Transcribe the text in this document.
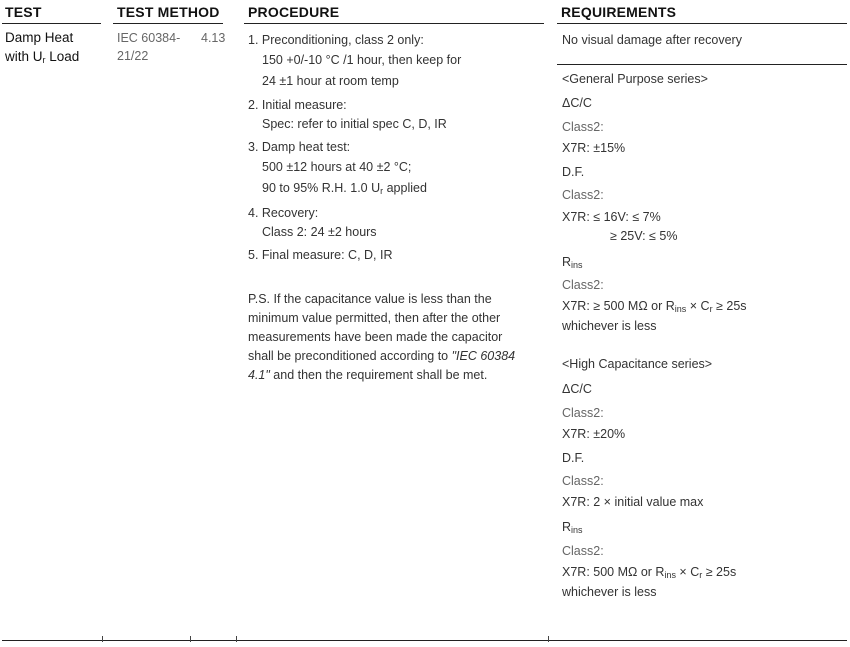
TEST	TEST METHOD PROCEDURE	REQUIREMENTS
Damp Heat
with $U_r$ Load
IEC 60384-
21/22
4.13 1. Preconditioning, class 2 only:
150 +0/-10 °C /1 hour, then keep for
24 ±1 hour at room temp
2. Initial measure:
Spec: refer to initial spec C, D, IR
3. Damp heat test:
500 ±12 hours at 40 ±2 °C;
90 to 95% R.H. 1.0 $U_r$ applied
4. Recovery:
Class 2: 24 ±2 hours
5. Final measure: C, D, IR
P.S. If the capacitance value is less than the
minimum value permitted, then after the other
measurements have been made the capacitor
shall be preconditioned according to "IEC 60384
4.1" and then the requirement shall be met.
No visual damage after recovery
<General Purpose series>
ΔC/C
Class2:
X7R: ±15%
D.F.
Class2:
X7R: ≤ 16V: ≤ 7%
≥ 25V: ≤ 5%
$R_{ins}$
Class2:
X7R: ≥ 500 MΩ or $R_{ins} \times C_r \ge 25s$
whichever is less
<High Capacitance series>
ΔC/C
Class2:
X7R: ±20%
D.F.
Class2:
X7R: 2 × initial value max
$R_{ins}$
Class2:
X7R: 500 MΩ or $R_{ins} \times C_r \ge 25s$
whichever is less
